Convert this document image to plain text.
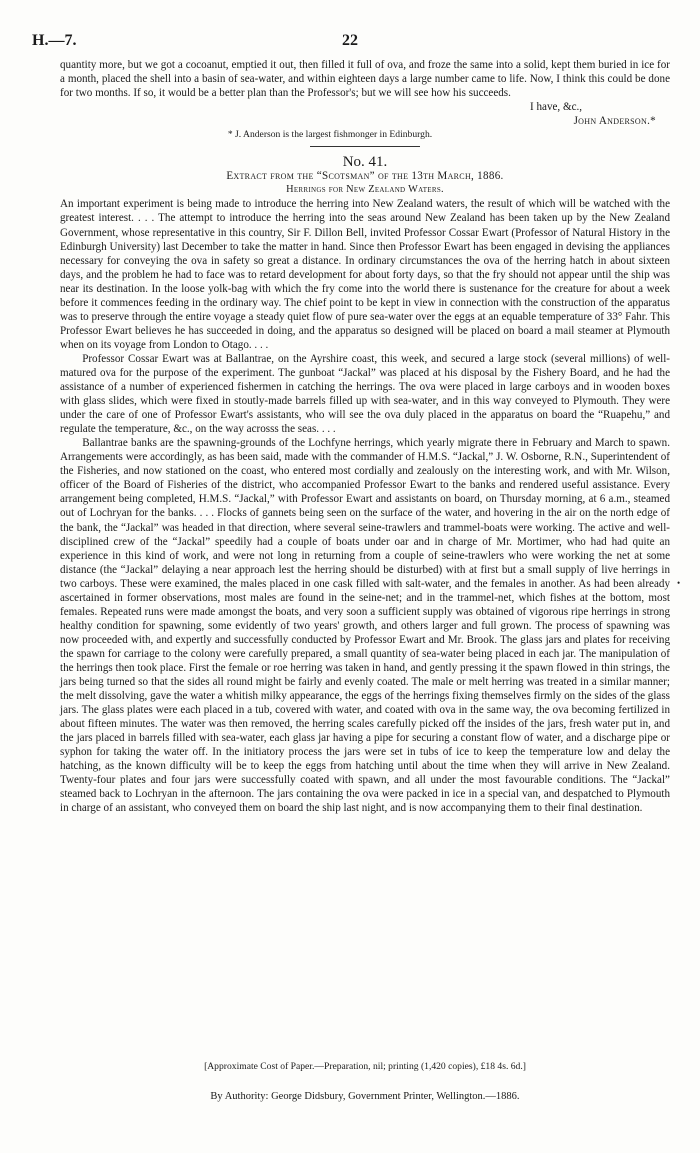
22
H.—7.

quantity more, but we got a cocoanut, emptied it out, then filled it full of ova, and froze the same into a solid, kept them buried in ice for a month, placed the shell into a basin of sea-water, and within eighteen days a large number came to life. Now, I think this could be done for two months. If so, it would be a better plan than the Professor's; but we will see how his succeeds.

I have, &c.,

John Anderson.*

* J. Anderson is the largest fishmonger in Edinburgh.

No. 41.

Extract from the “Scotsman” of the 13th March, 1886.

Herrings for New Zealand Waters.

An important experiment is being made to introduce the herring into New Zealand waters, the result of which will be watched with the greatest interest. . . . The attempt to introduce the herring into the seas around New Zealand has been taken up by the New Zealand Government, whose representative in this country, Sir F. Dillon Bell, invited Professor Cossar Ewart (Professor of Natural History in the Edinburgh University) last December to take the matter in hand. Since then Professor Ewart has been engaged in devising the appliances necessary for conveying the ova in safety so great a distance. In ordinary circumstances the ova of the herring hatch in about sixteen days, and the problem he had to face was to retard development for about forty days, so that the fry should not appear until the ship was near its destination. In the loose yolk-bag with which the fry come into the world there is sustenance for the creature for about a week before it commences feeding in the ordinary way. The chief point to be kept in view in connection with the construction of the apparatus was to preserve through the entire voyage a steady quiet flow of pure sea-water over the eggs at an equable temperature of 33° Fahr. This Professor Ewart believes he has succeeded in doing, and the apparatus so designed will be placed on board a mail steamer at Plymouth when on its voyage from London to Otago. . . .

Professor Cossar Ewart was at Ballantrae, on the Ayrshire coast, this week, and secured a large stock (several millions) of well-matured ova for the purpose of the experiment. The gunboat “Jackal” was placed at his disposal by the Fishery Board, and he had the assistance of a number of experienced fishermen in catching the herrings. The ova were placed in large carboys and in wooden boxes with glass slides, which were fixed in stoutly-made barrels filled up with sea-water, and in this way conveyed to Plymouth. They were under the care of one of Professor Ewart's assistants, who will see the ova duly placed in the apparatus on board the “Ruapehu,” and regulate the temperature, &c., on the way acrosss the seas. . . .

Ballantrae banks are the spawning-grounds of the Lochfyne herrings, which yearly migrate there in February and March to spawn. Arrangements were accordingly, as has been said, made with the commander of H.M.S. “Jackal,” J. W. Osborne, R.N., Superintendent of the Fisheries, and now stationed on the coast, who entered most cordially and zealously on the interesting work, and with Mr. Wilson, officer of the Board of Fisheries of the district, who accompanied Professor Ewart to the banks and rendered useful assistance. Every arrangement being completed, H.M.S. “Jackal,” with Professor Ewart and assistants on board, on Thursday morning, at 6 a.m., steamed out of Lochryan for the banks. . . . Flocks of gannets being seen on the surface of the water, and hovering in the air on the north edge of the bank, the “Jackal” was headed in that direction, where several seine-trawlers and trammel-boats were working. The active and well-disciplined crew of the “Jackal” speedily had a couple of boats under oar and in charge of Mr. Mortimer, who had had quite an experience in this kind of work, and were not long in returning from a couple of seine-trawlers who were working the net at some distance (the “Jackal” delaying a near approach lest the herring should be disturbed) with at first but a small supply of live herrings in two carboys. These were examined, the males placed in one cask filled with salt-water, and the females in another. As had been already ascertained in former observations, most males are found in the seine-net; and in the trammel-net, which fishes at the bottom, most females. Repeated runs were made amongst the boats, and very soon a sufficient supply was obtained of vigorous ripe herrings in strong healthy condition for spawning, some evidently of two years' growth, and others larger and full grown. The process of spawning was now proceeded with, and expertly and successfully conducted by Professor Ewart and Mr. Brook. The glass jars and plates for receiving the spawn for carriage to the colony were carefully prepared, a small quantity of sea-water being placed in each jar. The manipulation of the herrings then took place. First the female or roe herring was taken in hand, and gently pressing it the spawn flowed in thin strings, the jars being turned so that the sides all round might be fairly and evenly coated. The male or melt herring was treated in a similar manner; the melt dissolving, gave the water a whitish milky appearance, the eggs of the herrings fixing themselves firmly on the sides of the glass jars. The glass plates were each placed in a tub, covered with water, and coated with ova in the same way, the ova becoming fertilized in about fifteen minutes. The water was then removed, the herring scales carefully picked off the insides of the jars, fresh water put in, and the jars placed in barrels filled with sea-water, each glass jar having a pipe for securing a constant flow of water, and a discharge pipe or syphon for taking the water off. In the initiatory process the jars were set in tubs of ice to keep the temperature low and delay the hatching, as the known difficulty will be to keep the eggs from hatching until about the time when they will arrive in New Zealand. Twenty-four plates and four jars were successfully coated with spawn, and all under the most favourable conditions. The “Jackal” steamed back to Lochryan in the afternoon. The jars containing the ova were packed in ice in a special van, and despatched to Plymouth in charge of an assistant, who conveyed them on board the ship last night, and is now accompanying them to their final destination.

•
[Approximate Cost of Paper.—Preparation, nil; printing (1,420 copies), £18 4s. 6d.]
By Authority: George Didsbury, Government Printer, Wellington.—1886.
